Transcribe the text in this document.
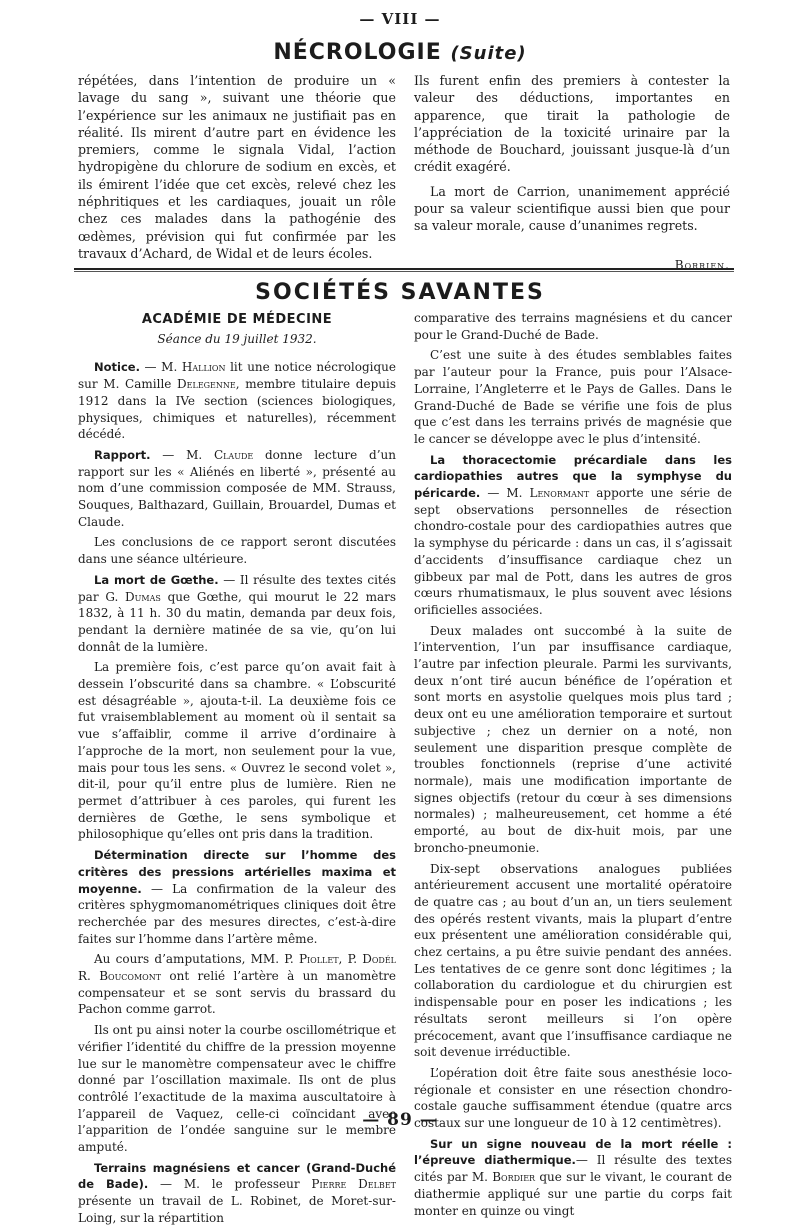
— VIII —
NÉCROLOGIE (Suite)

répétées, dans l’intention de produire un « lavage du sang », suivant une théorie que l’expérience sur les animaux ne justifiait pas en réalité. Ils mirent d’autre part en évidence les premiers, comme le signala Vidal, l’action hydropigène du chlorure de sodium en excès, et ils émirent l’idée que cet excès, relevé chez les néphritiques et les cardiaques, jouait un rôle chez ces malades dans la pathogénie des œdèmes, prévision qui fut confirmée par les travaux d’Achard, de Widal et de leurs écoles.

Ils furent enfin des premiers à contester la valeur des déductions, importantes en apparence, que tirait la pathologie de l’appréciation de la toxicité urinaire par la méthode de Bouchard, jouissant jusque-là d’un crédit exagéré.

La mort de Carrion, unanimement apprécié pour sa valeur scientifique aussi bien que pour sa valeur morale, cause d’unanimes regrets.

Borrien.
SOCIÉTÉS SAVANTES
ACADÉMIE DE MÉDECINE
Séance du 19 juillet 1932.

Notice. — M. Hallion lit une notice nécrologique sur M. Camille Delegenne, membre titulaire depuis 1912 dans la IVe section (sciences biologiques, physiques, chimiques et naturelles), récemment décédé.

Rapport. — M. Claude donne lecture d’un rapport sur les « Aliénés en liberté », présenté au nom d’une commission composée de MM. Strauss, Souques, Balthazard, Guillain, Brouardel, Dumas et Claude.

Les conclusions de ce rapport seront discutées dans une séance ultérieure.

La mort de Gœthe. — Il résulte des textes cités par G. Dumas que Gœthe, qui mourut le 22 mars 1832, à 11 h. 30 du matin, demanda par deux fois, pendant la dernière matinée de sa vie, qu’on lui donnât de la lumière.

La première fois, c’est parce qu’on avait fait à dessein l’obscurité dans sa chambre. « L’obscurité est désagréable », ajouta-t-il. La deuxième fois ce fut vraisemblablement au moment où il sentait sa vue s’affaiblir, comme il arrive d’ordinaire à l’approche de la mort, non seulement pour la vue, mais pour tous les sens. « Ouvrez le second volet », dit-il, pour qu’il entre plus de lumière. Rien ne permet d’attribuer à ces paroles, qui furent les dernières de Gœthe, le sens symbolique et philosophique qu’elles ont pris dans la tradition.

Détermination directe sur l’homme des critères des pressions artérielles maxima et moyenne. — La confirmation de la valeur des critères sphygmomanométriques cliniques doit être recherchée par des mesures directes, c’est-à-dire faites sur l’homme dans l’artère même.

Au cours d’amputations, MM. P. Piollet, P. Dodél R. Boucomont ont relié l’artère à un manomètre compensateur et se sont servis du brassard du Pachon comme garrot.

Ils ont pu ainsi noter la courbe oscillométrique et vérifier l’identité du chiffre de la pression moyenne lue sur le manomètre compensateur avec le chiffre donné par l’oscillation maximale. Ils ont de plus contrôlé l’exactitude de la maxima auscultatoire à l’appareil de Vaquez, celle-ci coïncidant avec l’apparition de l’ondée sanguine sur le membre amputé.

Terrains magnésiens et cancer (Grand-Duché de Bade). — M. le professeur Pierre Delbet présente un travail de L. Robinet, de Moret-sur-Loing, sur la répartition

comparative des terrains magnésiens et du cancer pour le Grand-Duché de Bade.

C’est une suite à des études semblables faites par l’auteur pour la France, puis pour l’Alsace-Lorraine, l’Angleterre et le Pays de Galles. Dans le Grand-Duché de Bade se vérifie une fois de plus que c’est dans les terrains privés de magnésie que le cancer se développe avec le plus d’intensité.

La thoracectomie précardiale dans les cardiopathies autres que la symphyse du péricarde. — M. Lenormant apporte une série de sept observations personnelles de résection chondro-costale pour des cardiopathies autres que la symphyse du péricarde : dans un cas, il s’agissait d’accidents d’insuffisance cardiaque chez un gibbeux par mal de Pott, dans les autres de gros cœurs rhumatismaux, le plus souvent avec lésions orificielles associées.

Deux malades ont succombé à la suite de l’intervention, l’un par insuffisance cardiaque, l’autre par infection pleurale. Parmi les survivants, deux n’ont tiré aucun bénéfice de l’opération et sont morts en asystolie quelques mois plus tard ; deux ont eu une amélioration temporaire et surtout subjective ; chez un dernier on a noté, non seulement une disparition presque complète de troubles fonctionnels (reprise d’une activité normale), mais une modification importante de signes objectifs (retour du cœur à ses dimensions normales) ; malheureusement, cet homme a été emporté, au bout de dix-huit mois, par une broncho-pneumonie.

Dix-sept observations analogues publiées antérieurement accusent une mortalité opératoire de quatre cas ; au bout d’un an, un tiers seulement des opérés restent vivants, mais la plupart d’entre eux présentent une amélioration considérable qui, chez certains, a pu être suivie pendant des années. Les tentatives de ce genre sont donc légitimes ; la collaboration du cardiologue et du chirurgien est indispensable pour en poser les indications ; les résultats seront meilleurs si l’on opère précocement, avant que l’insuffisance cardiaque ne soit devenue irréductible.

L’opération doit être faite sous anesthésie loco-régionale et consister en une résection chondro-costale gauche suffisamment étendue (quatre arcs costaux sur une longueur de 10 à 12 centimètres).

Sur un signe nouveau de la mort réelle : l’épreuve diathermique.— Il résulte des textes cités par M. Bordier que sur le vivant, le courant de diathermie appliqué sur une partie du corps fait monter en quinze ou vingt

— 89 —
